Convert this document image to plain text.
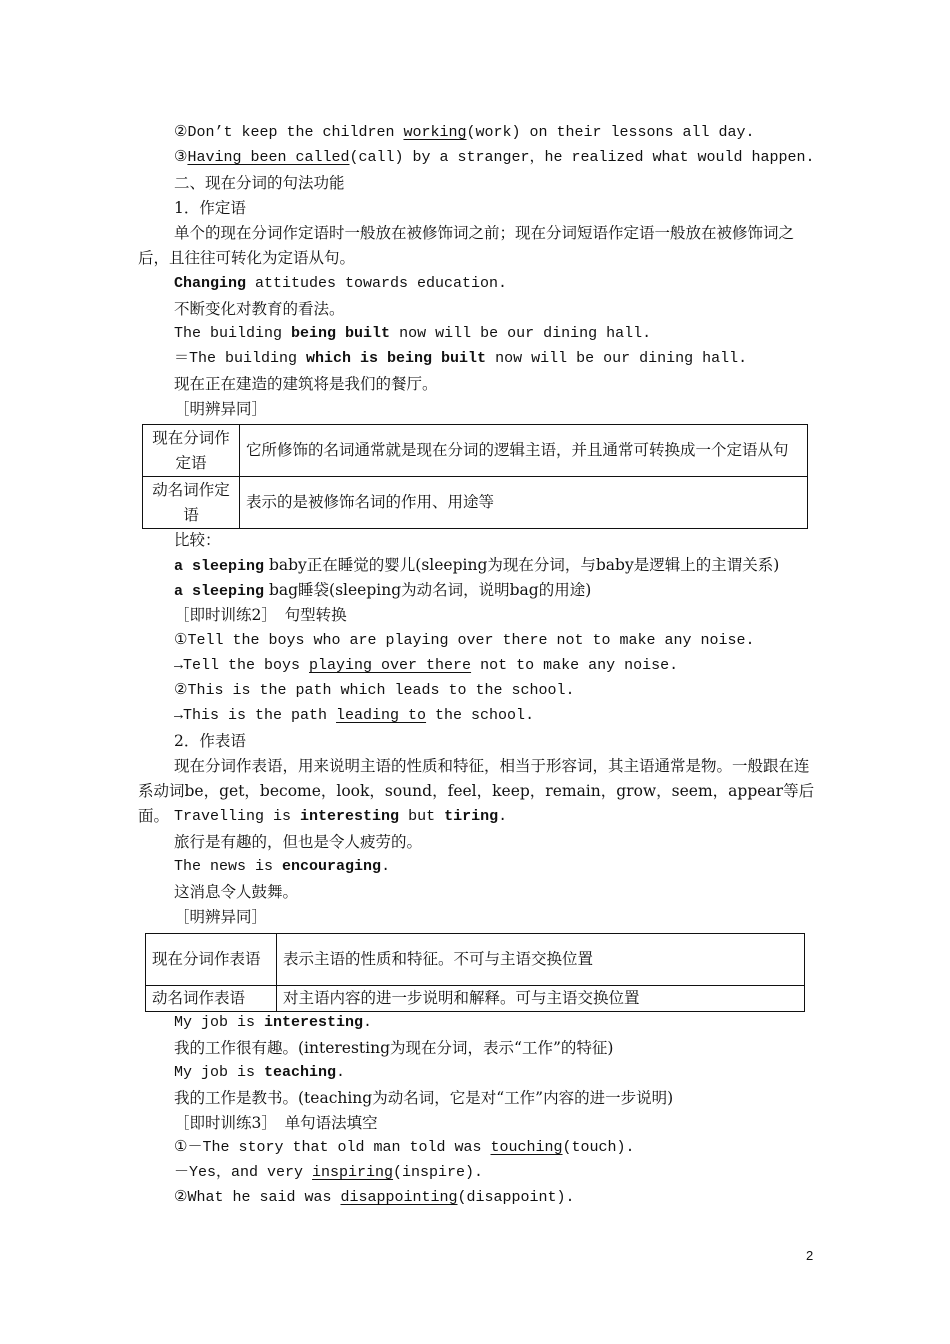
②Don’t keep the children working(work) on their lessons all day.
③Having been called(call) by a stranger，he realized what would happen.
二、现在分词的句法功能
1．作定语
单个的现在分词作定语时一般放在被修饰词之前；现在分词短语作定语一般放在被修饰词之后，且往往可转化为定语从句。
Changing attitudes towards education.
不断变化对教育的看法。
The building being built now will be our dining hall.
＝The building which is being built now will be our dining hall.
现在正在建造的建筑将是我们的餐厅。
［明辨异同］
现在分词作定语	它所修饰的名词通常就是现在分词的逻辑主语，并且通常可转换成一个定语从句
动名词作定语	表示的是被修饰名词的作用、用途等
比较：
a sleeping baby正在睡觉的婴儿(sleeping为现在分词，与baby是逻辑上的主谓关系)
a sleeping bag睡袋(sleeping为动名词，说明bag的用途)
［即时训练2］　句型转换
①Tell the boys who are playing over there not to make any noise.
→Tell the boys playing over there not to make any noise.
②This is the path which leads to the school.
→This is the path leading to the school.
2．作表语
现在分词作表语，用来说明主语的性质和特征，相当于形容词，其主语通常是物。一般跟在连系动词be，get，become，look，sound，feel，keep，remain，grow，seem，appear等后面。 Travelling is interesting but tiring.
旅行是有趣的，但也是令人疲劳的。
The news is encouraging.
这消息令人鼓舞。
［明辨异同］
现在分词作表语	表示主语的性质和特征。不可与主语交换位置
动名词作表语	对主语内容的进一步说明和解释。可与主语交换位置
My job is interesting.
我的工作很有趣。(interesting为现在分词，表示“工作”的特征)
My job is teaching.
我的工作是教书。(teaching为动名词，它是对“工作”内容的进一步说明)
［即时训练3］　单句语法填空
①－The story that old man told was touching(touch).
－Yes，and very inspiring(inspire).
②What he said was disappointing(disappoint).
2
